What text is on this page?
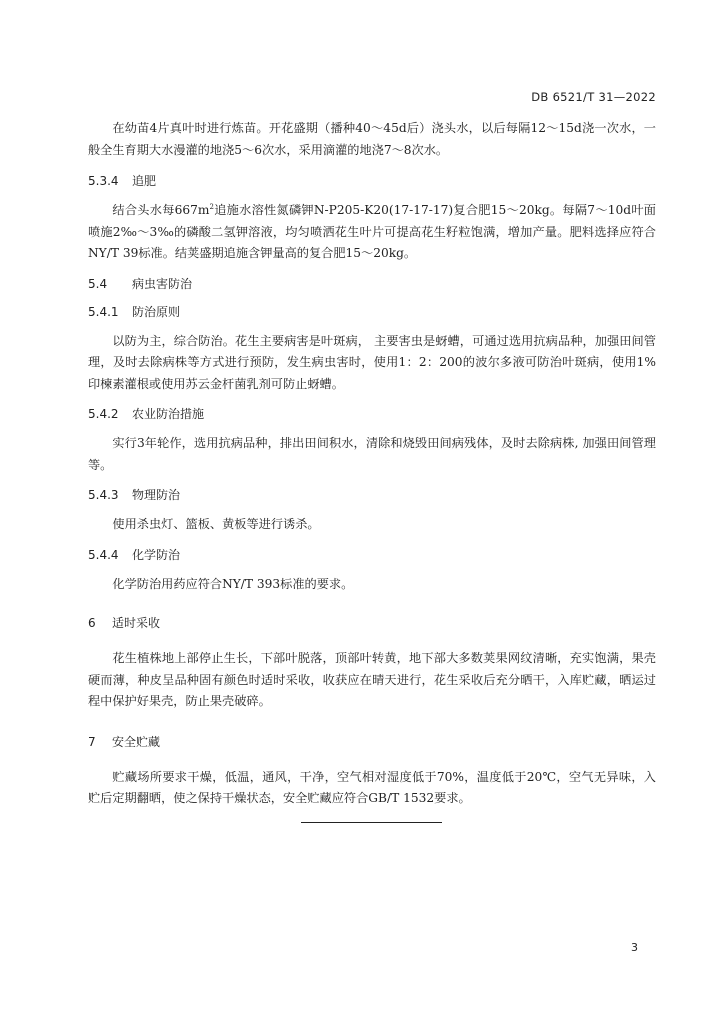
DB 6521/T 31—2022

在幼苗4片真叶时进行炼苗。开花盛期（播种40～45d后）浇头水，以后每隔12～15d浇一次水，一般全生育期大水漫灌的地浇5～6次水，采用滴灌的地浇7～8次水。

5.3.4 追肥

结合头水每$667m^2$追施水溶性氮磷钾N-P205-K20(17-17-17)复合肥15～20kg。每隔7～10d叶面喷施2‰～3‰的磷酸二氢钾溶液，均匀喷洒花生叶片可提高花生籽粒饱满，增加产量。肥料选择应符合NY/T 39标准。结荚盛期追施含钾量高的复合肥15～20kg。

5.4 病虫害防治

5.4.1 防治原则

以防为主，综合防治。花生主要病害是叶斑病， 主要害虫是蚜螬，可通过选用抗病品种，加强田间管理，及时去除病株等方式进行预防，发生病虫害时，使用1：2：200的波尔多液可防治叶斑病，使用1%印楝素灌根或使用苏云金杆菌乳剂可防止蚜螬。

5.4.2 农业防治措施

实行3年轮作，选用抗病品种，排出田间积水，清除和烧毁田间病残体，及时去除病株, 加强田间管理等。

5.4.3 物理防治

使用杀虫灯、篮板、黄板等进行诱杀。

5.4.4 化学防治

化学防治用药应符合NY/T 393标准的要求。

6 适时采收

花生植株地上部停止生长，下部叶脱落，顶部叶转黄，地下部大多数荚果网纹清晰，充实饱满，果壳硬而薄，种皮呈品种固有颜色时适时采收，收获应在晴天进行，花生采收后充分晒干，入库贮藏，晒运过程中保护好果壳，防止果壳破碎。

7 安全贮藏

贮藏场所要求干燥，低温，通风，干净，空气相对湿度低于70%，温度低于20℃，空气无异味，入贮后定期翻晒，使之保持干燥状态，安全贮藏应符合GB/T 1532要求。

3
